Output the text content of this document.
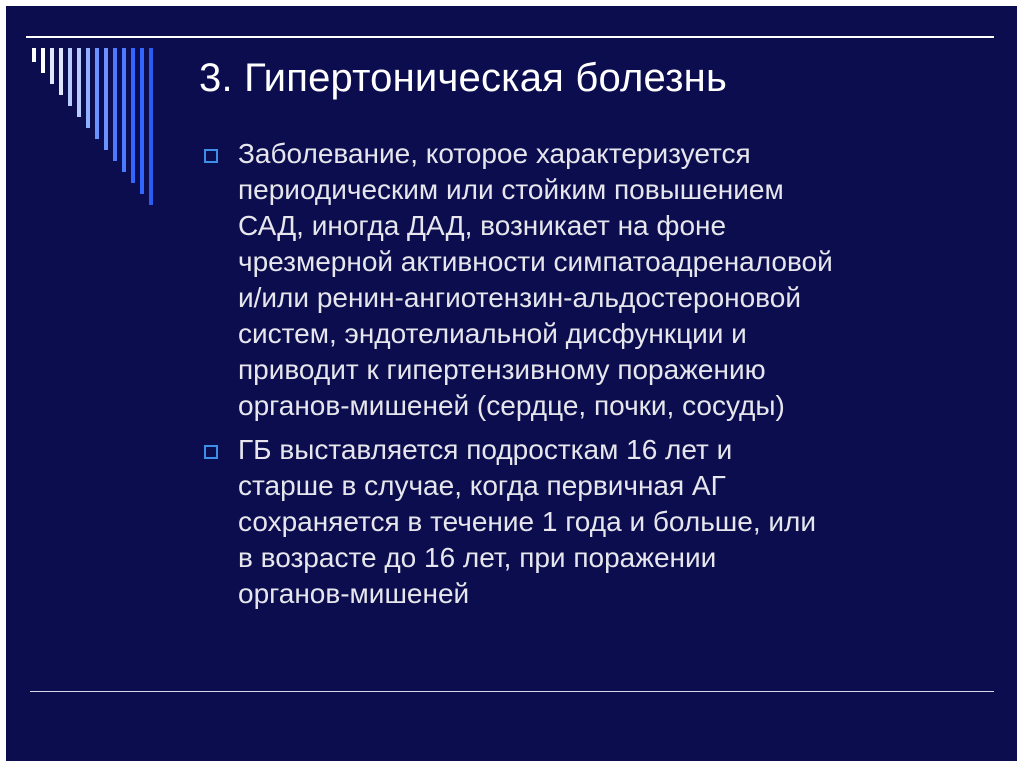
3. Гипертоническая болезнь
Заболевание, которое характеризуется
периодическим или стойким повышением
САД, иногда ДАД, возникает на фоне
чрезмерной активности симпатоадреналовой
и/или ренин-ангиотензин-альдостероновой
систем, эндотелиальной дисфункции и
приводит к гипертензивному поражению
органов-мишеней (сердце, почки, сосуды)
ГБ выставляется подросткам 16 лет и
старше в случае, когда первичная АГ
сохраняется в течение 1 года и больше, или
в возрасте до 16 лет, при поражении
органов-мишеней
